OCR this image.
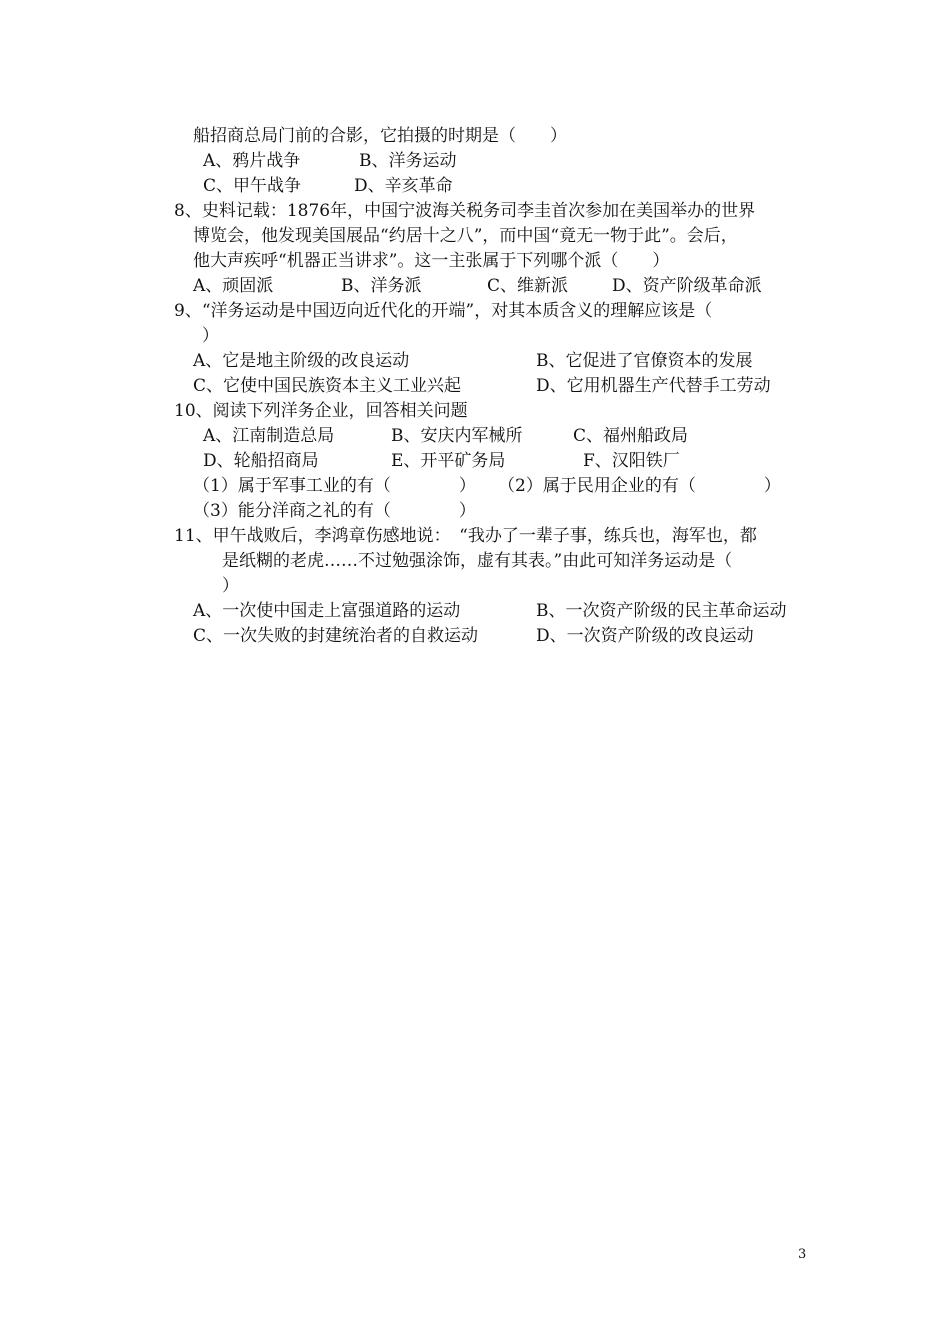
船招商总局门前的合影，它拍摄的时期是（　　）
A、鸦片战争	B、洋务运动
C、甲午战争	D、辛亥革命
8、史料记载：1876年，中国宁波海关税务司李圭首次参加在美国举办的世界
博览会，他发现美国展品“约居十之八”，而中国“竟无一物于此”。会后，
他大声疾呼“机器正当讲求”。这一主张属于下列哪个派（　　）
A、顽固派	B、洋务派	C、维新派	D、资产阶级革命派
9、“洋务运动是中国迈向近代化的开端”，对其本质含义的理解应该是（
）
A、它是地主阶级的改良运动	B、它促进了官僚资本的发展
C、它使中国民族资本主义工业兴起	D、它用机器生产代替手工劳动
10、阅读下列洋务企业，回答相关问题
A、江南制造总局	B、安庆内军械所	C、福州船政局
D、轮船招商局	E、开平矿务局	F、汉阳铁厂
（1）属于军事工业的有（　　　　） （2）属于民用企业的有（　　　　）
（3）能分洋商之礼的有（　　　　）
11、甲午战败后，李鸿章伤感地说：　“我办了一辈子事，练兵也，海军也，都
是纸糊的老虎……不过勉强涂饰，虚有其表。”由此可知洋务运动是（
）
A、一次使中国走上富强道路的运动	B、一次资产阶级的民主革命运动
C、一次失败的封建统治者的自救运动	D、一次资产阶级的改良运动
3
